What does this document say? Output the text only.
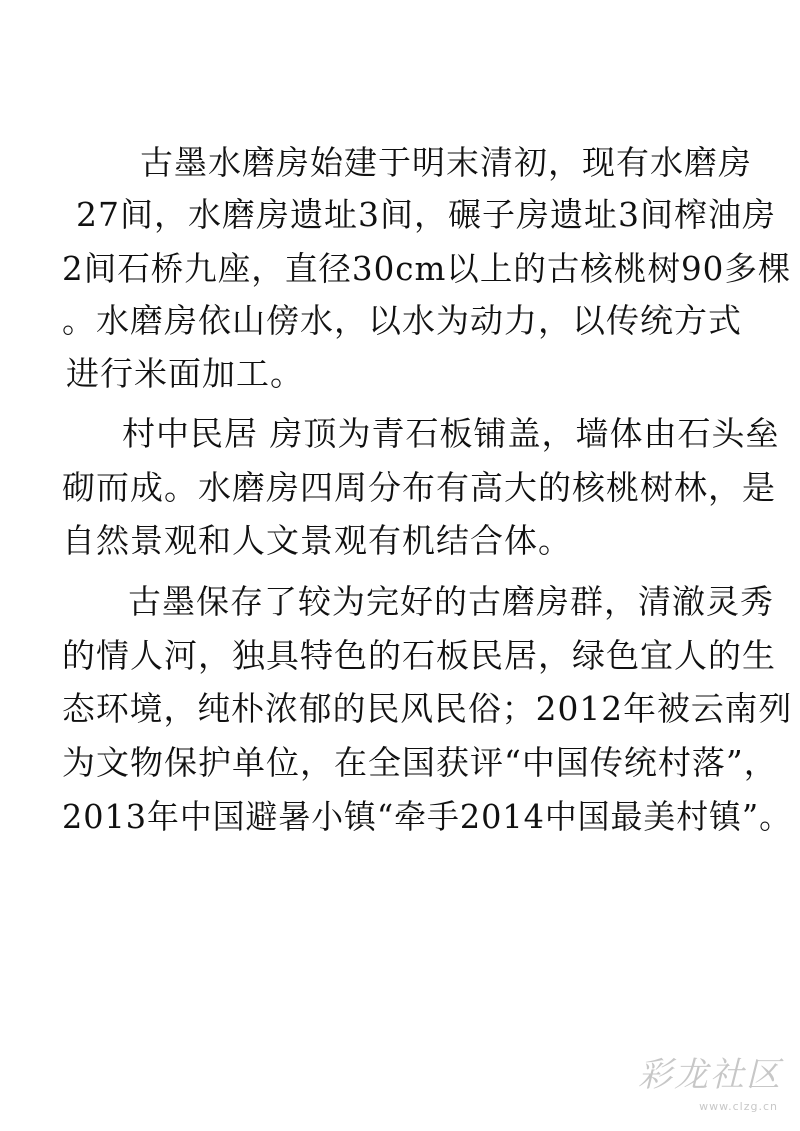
古墨水磨房始建于明末清初，现有水磨房
27间，水磨房遗址3间，碾子房遗址3间榨油房
2间石桥九座，直径30cm以上的古核桃树90多棵
。水磨房依山傍水，以水为动力，以传统方式
进行米面加工。
村中民居 房顶为青石板铺盖，墙体由石头垒
砌而成。水磨房四周分布有高大的核桃树林，是
自然景观和人文景观有机结合体。
古墨保存了较为完好的古磨房群，清澈灵秀
的情人河，独具特色的石板民居，绿色宜人的生
态环境，纯朴浓郁的民风民俗；2012年被云南列
为文物保护单位，在全国获评“中国传统村落”，
2013年中国避暑小镇“牵手2014中国最美村镇”。
彩龙社区
www.clzg.cn
